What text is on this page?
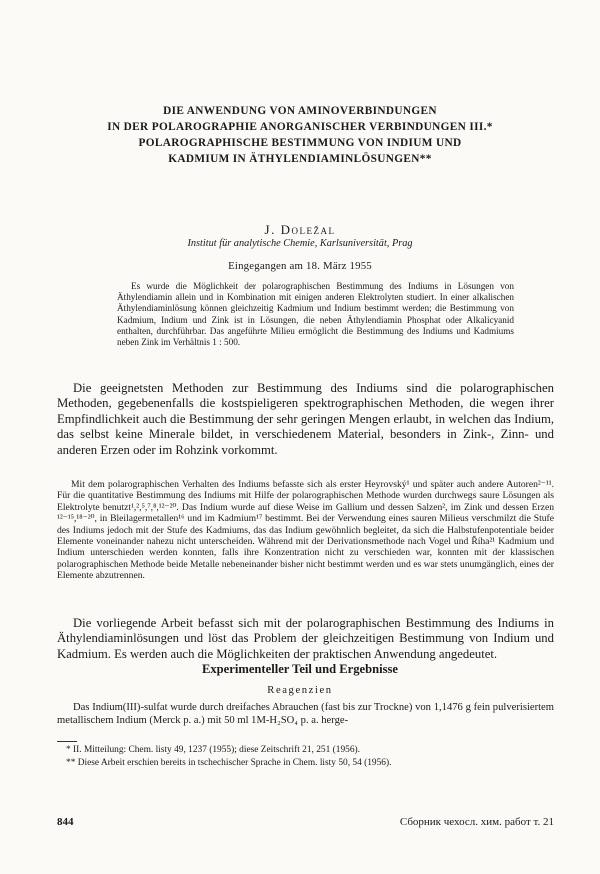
DIE ANWENDUNG VON AMINOVERBINDUNGEN
IN DER POLAROGRAPHIE ANORGANISCHER VERBINDUNGEN III.*
POLAROGRAPHISCHE BESTIMMUNG VON INDIUM UND
KADMIUM IN ÄTHYLENDIAMINLÖSUNGEN**
J. Doležal
Institut für analytische Chemie, Karlsuniversität, Prag
Eingegangen am 18. März 1955

Es wurde die Möglichkeit der polarographischen Bestimmung des Indiums in Lösungen von Äthylendiamin allein und in Kombination mit einigen anderen Elektrolyten studiert. In einer alkalischen Äthylendiaminlösung können gleichzeitig Kadmium und Indium bestimmt werden; die Bestimmung von Kadmium, Indium und Zink ist in Lösungen, die neben Äthylendiamin Phosphat oder Alkalicyanid enthalten, durchführbar. Das angeführte Milieu ermöglicht die Bestimmung des Indiums und Kadmiums neben Zink im Verhältnis 1 : 500.

Die geeignetsten Methoden zur Bestimmung des Indiums sind die polarographischen Methoden, gegebenenfalls die kostspieligeren spektrographischen Methoden, die wegen ihrer Empfindlichkeit auch die Bestimmung der sehr geringen Mengen erlaubt, in welchen das Indium, das selbst keine Minerale bildet, in verschiedenem Material, besonders in Zink-, Zinn- und anderen Erzen oder im Rohzink vorkommt.

Mit dem polarographischen Verhalten des Indiums befasste sich als erster Heyrovský¹ und später auch andere Autoren²⁻¹¹. Für die quantitative Bestimmung des Indiums mit Hilfe der polarographischen Methode wurden durchwegs saure Lösungen als Elektrolyte benutzt¹,²,⁵,⁷,⁸,¹²⁻²⁰. Das Indium wurde auf diese Weise im Gallium und dessen Salzen², im Zink und dessen Erzen ¹²⁻¹⁵,¹⁸⁻²⁰, in Bleilagermetallen¹⁶ und im Kadmium¹⁷ bestimmt. Bei der Verwendung eines sauren Milieus verschmilzt die Stufe des Indiums jedoch mit der Stufe des Kadmiums, das das Indium gewöhnlich begleitet, da sich die Halbstufenpotentiale beider Elemente voneinander nahezu nicht unterscheiden. Während mit der Derivationsmethode nach Vogel und Říha²¹ Kadmium und Indium unterschieden werden konnten, falls ihre Konzentration nicht zu verschieden war, konnten mit der klassischen polarographischen Methode beide Metalle nebeneinander bisher nicht bestimmt werden und es war stets unumgänglich, eines der Elemente abzutrennen.

Die vorliegende Arbeit befasst sich mit der polarographischen Bestimmung des Indiums in Äthylendiaminlösungen und löst das Problem der gleichzeitigen Bestimmung von Indium und Kadmium. Es werden auch die Möglichkeiten der praktischen Anwendung angedeutet.

Experimenteller Teil und Ergebnisse
Reagenzien

Das Indium(III)-sulfat wurde durch dreifaches Abrauchen (fast bis zur Trockne) von 1,1476 g fein pulverisiertem metallischem Indium (Merck p. a.) mit 50 ml 1M-H₂SO₄ p. a. herge-

* II. Mitteilung: Chem. listy 49, 1237 (1955); diese Zeitschrift 21, 251 (1956).
** Diese Arbeit erschien bereits in tschechischer Sprache in Chem. listy 50, 54 (1956).
844	Сборник чехосл. хим. работ т. 21
